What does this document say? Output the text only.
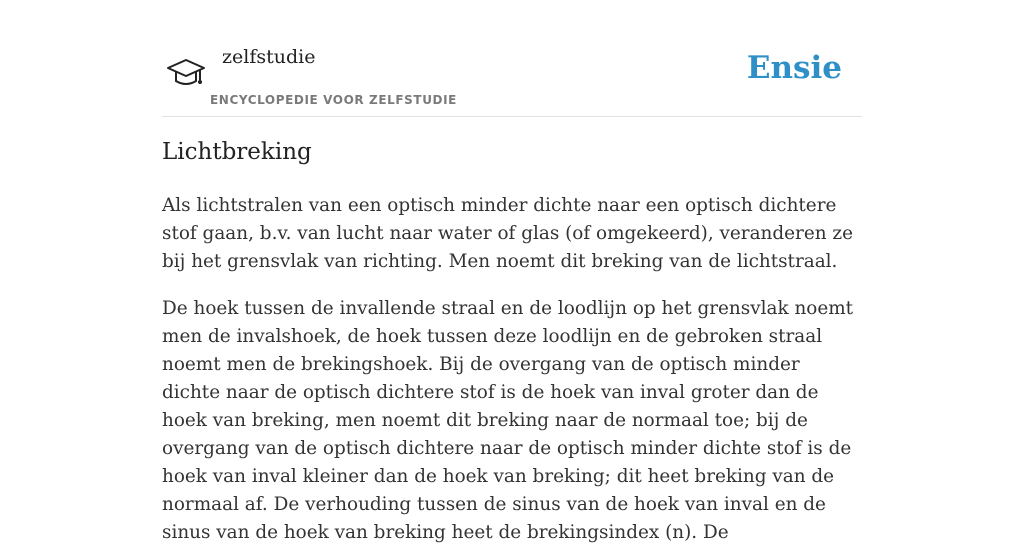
zelfstudie
ENCYCLOPEDIE VOOR ZELFSTUDIE
Ensie
Lichtbreking

Als lichtstralen van een optisch minder dichte naar een optisch dichtere stof gaan, b.v. van lucht naar water of glas (of omgekeerd), veranderen ze bij het grensvlak van richting. Men noemt dit breking van de lichtstraal.

De hoek tussen de invallende straal en de loodlijn op het grensvlak noemt men de invalshoek, de hoek tussen deze loodlijn en de gebroken straal noemt men de brekingshoek. Bij de overgang van de optisch minder dichte naar de optisch dichtere stof is de hoek van inval groter dan de hoek van breking, men noemt dit breking naar de normaal toe; bij de overgang van de optisch dichtere naar de optisch minder dichte stof is de hoek van inval kleiner dan de hoek van breking; dit heet breking van de normaal af. De verhouding tussen de sinus van de hoek van inval en de sinus van de hoek van breking heet de brekingsindex (n). De
